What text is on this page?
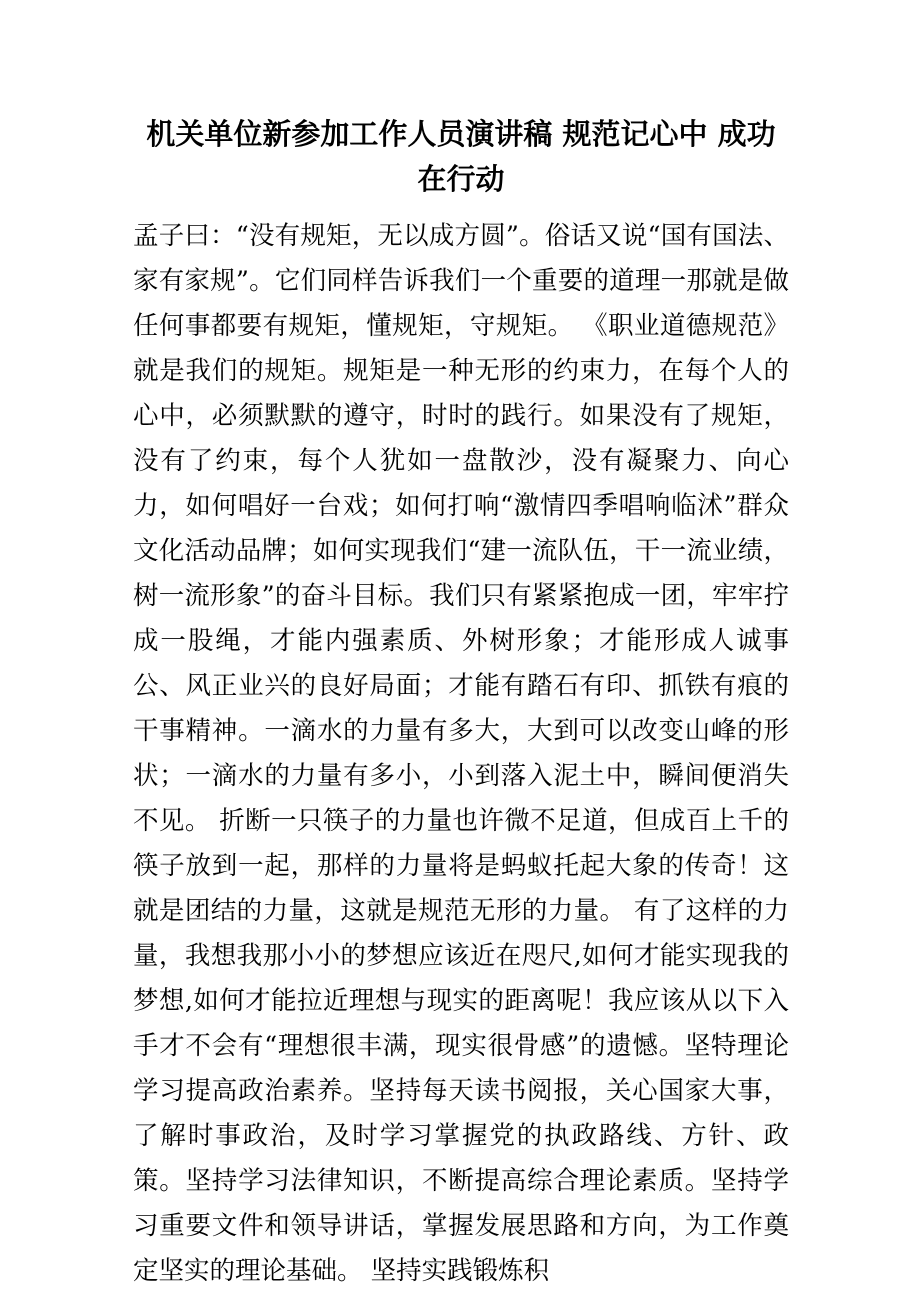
机关单位新参加工作人员演讲稿 规范记心中 成功在行动

孟子曰：“没有规矩，无以成方圆”。俗话又说“国有国法、家有家规”。它们同样告诉我们一个重要的道理一那就是做任何事都要有规矩，懂规矩，守规矩。 《职业道德规范》就是我们的规矩。规矩是一种无形的约束力，在每个人的心中，必须默默的遵守，时时的践行。如果没有了规矩，没有了约束，每个人犹如一盘散沙，没有凝聚力、向心力，如何唱好一台戏；如何打响“激情四季唱响临沭”群众文化活动品牌；如何实现我们“建一流队伍，干一流业绩，树一流形象”的奋斗目标。我们只有紧紧抱成一团，牢牢拧成一股绳，才能内强素质、外树形象；才能形成人诚事公、风正业兴的良好局面；才能有踏石有印、抓铁有痕的干事精神。一滴水的力量有多大，大到可以改变山峰的形状；一滴水的力量有多小，小到落入泥土中，瞬间便消失不见。 折断一只筷子的力量也许微不足道，但成百上千的筷子放到一起，那样的力量将是蚂蚁托起大象的传奇！这就是团结的力量，这就是规范无形的力量。 有了这样的力量，我想我那小小的梦想应该近在咫尺,如何才能实现我的梦想,如何才能拉近理想与现实的距离呢！我应该从以下入手才不会有“理想很丰满，现实很骨感”的遗憾。坚特理论学习提高政治素养。坚持每天读书阅报，关心国家大事，了解时事政治，及时学习掌握党的执政路线、方针、政策。坚持学习法律知识，不断提高综合理论素质。坚持学习重要文件和领导讲话，掌握发展思路和方向，为工作奠定坚实的理论基础。 坚持实践锻炼积
